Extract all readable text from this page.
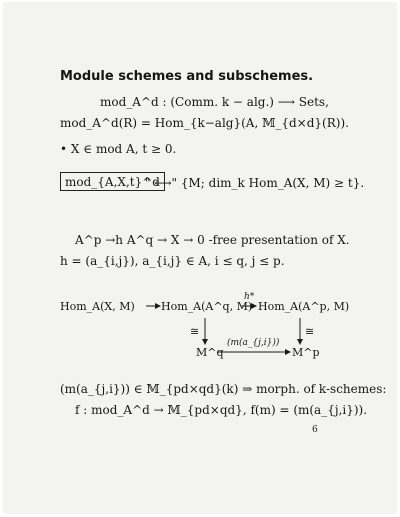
Module schemes and subschemes.
mod_A^d : (Comm. k − alg.) ⟶ Sets,
mod_A^d(R) = Hom_{k−alg}(A, 𝕄_{d×d}(R)).
• X ∈ mod A, t ≥ 0.
mod_{A,X,t}^d
" ⟷" {M; dim_k Hom_A(X, M) ≥ t}.
A^p →h A^q → X → 0 -free presentation of X.
h = (a_{i,j}), a_{i,j} ∈ A, i ≤ q, j ≤ p.
Hom_A(X, M) Hom_A(A^q, M) Hom_A(A^p, M)
h*
≅	≅
M^q	M^p
(m(a_{j,i}))
(m(a_{j,i})) ∈ 𝕄_{pd×qd}(k) ⇒ morph. of k-schemes:
f : mod_A^d → 𝕄_{pd×qd}, f(m) = (m(a_{j,i})).
6
